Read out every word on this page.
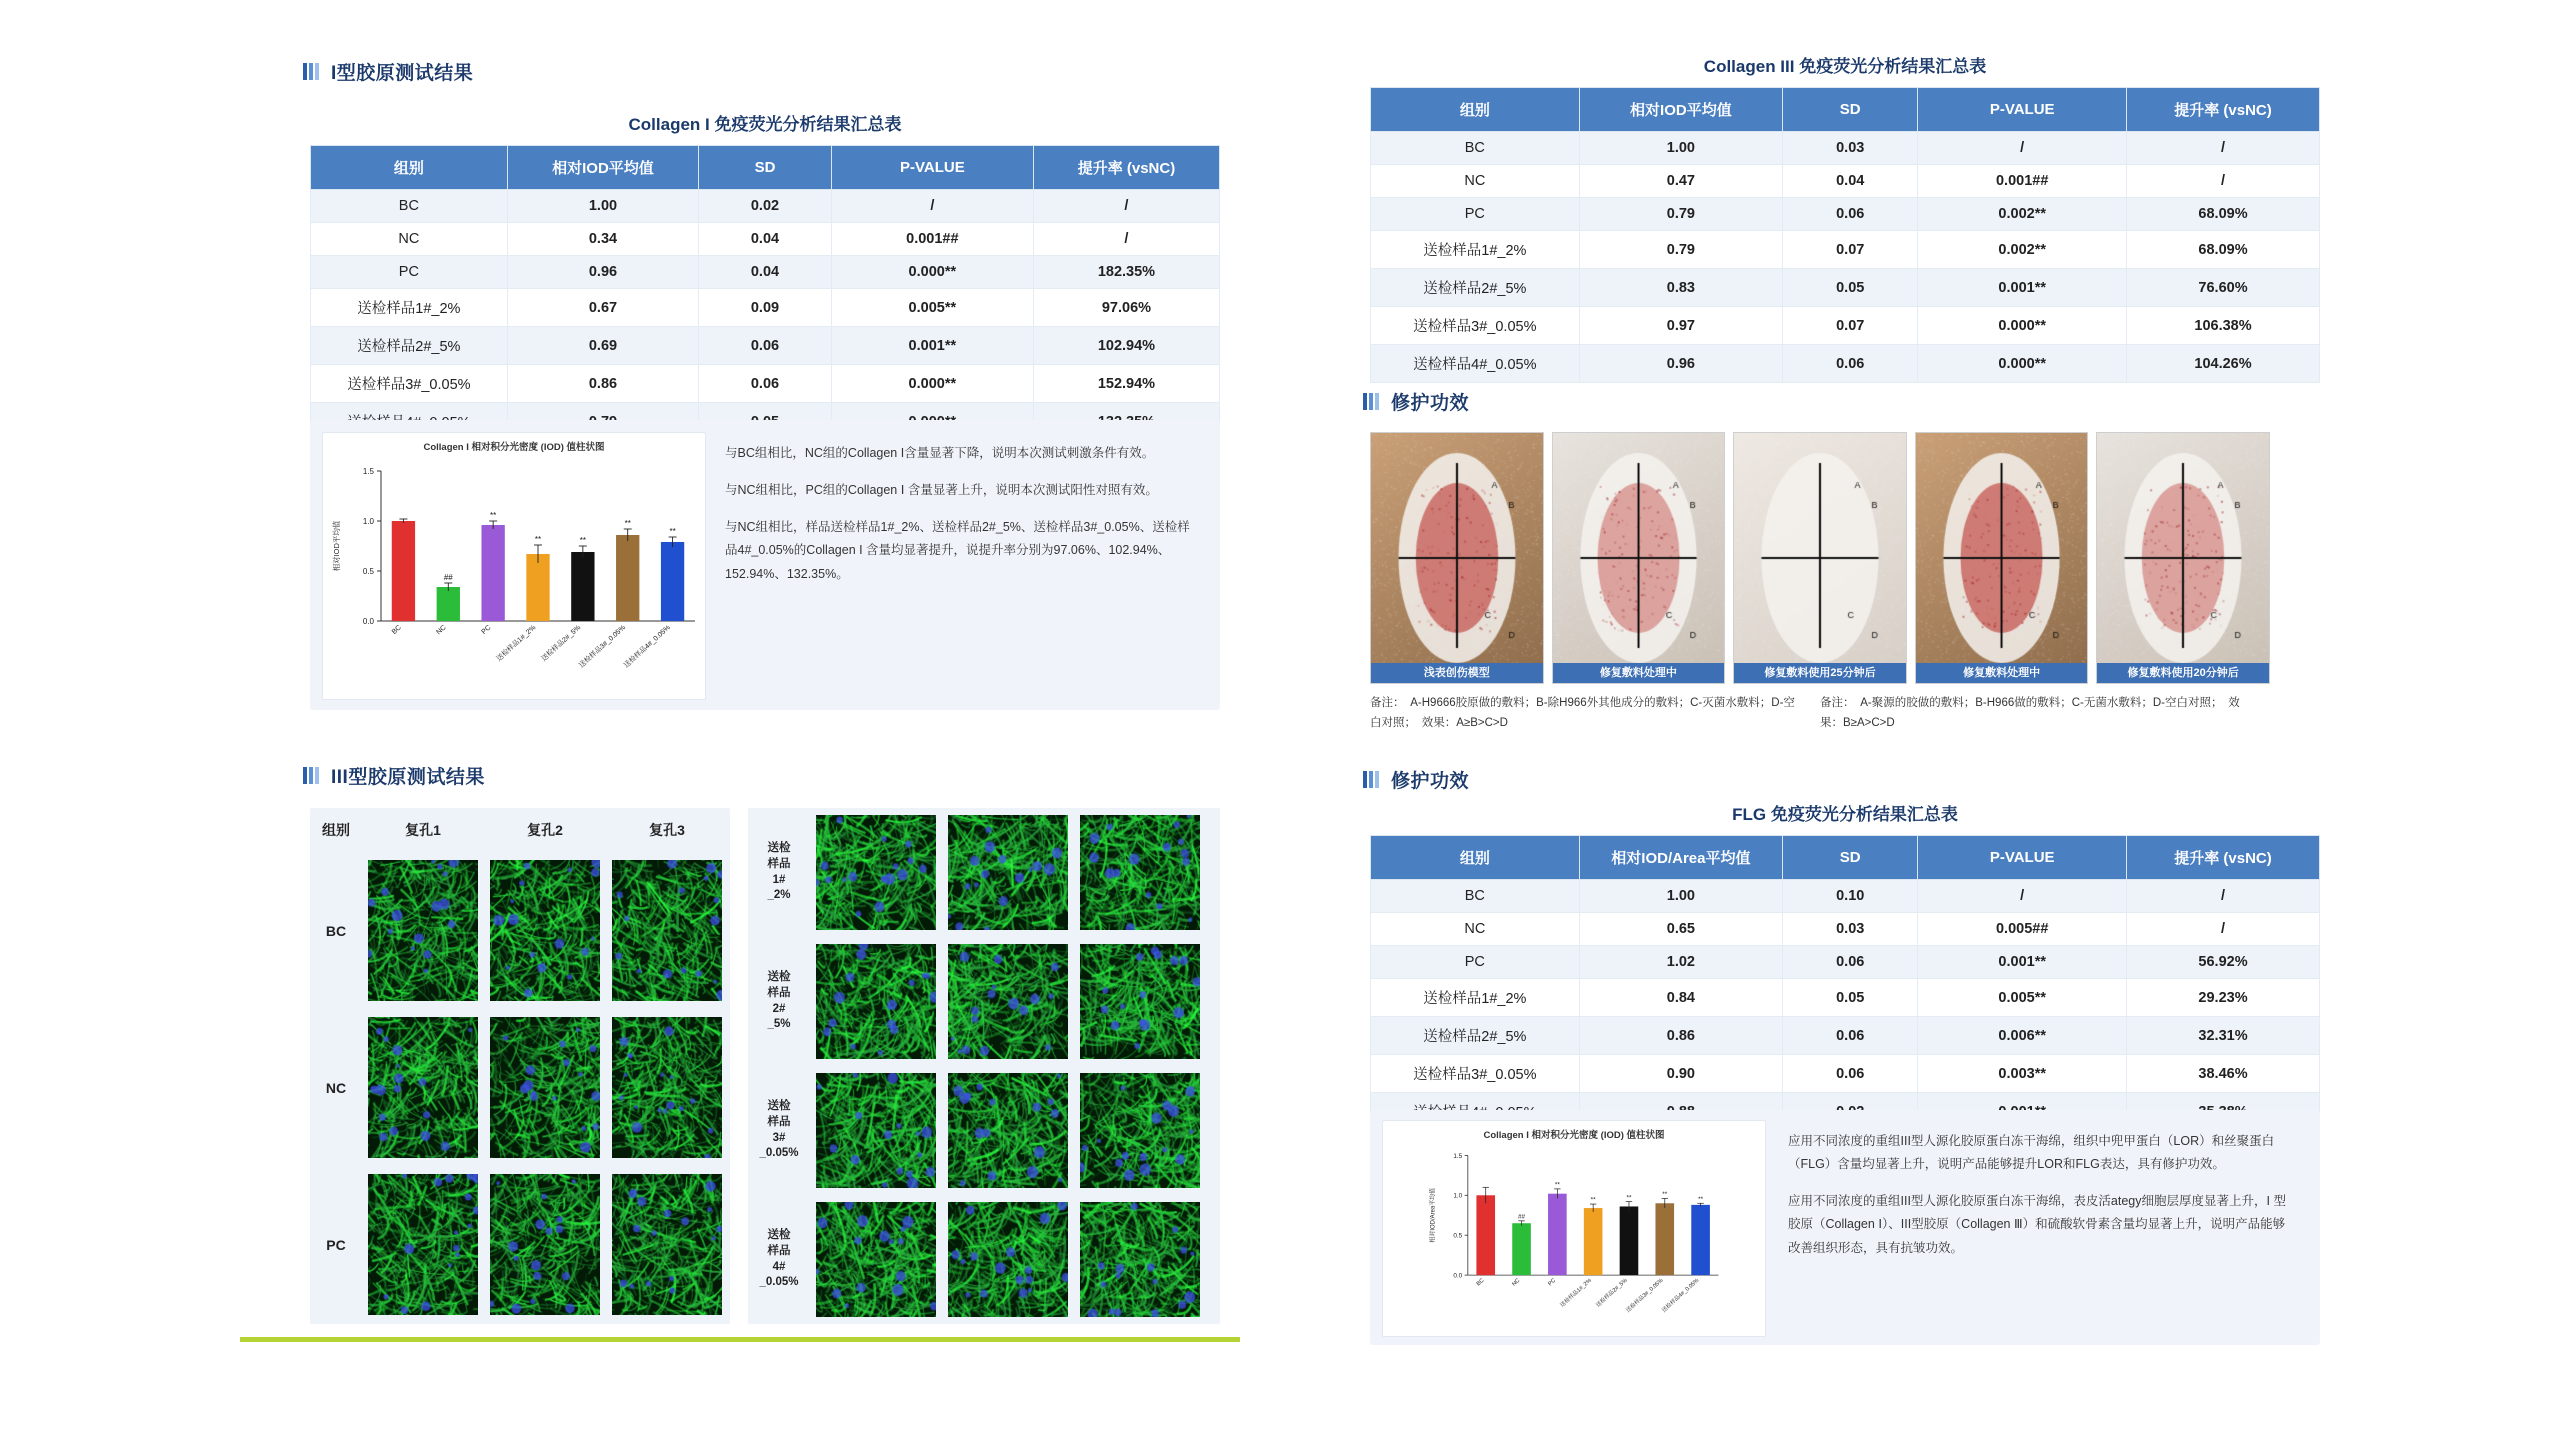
I型胶原测试结果
Collagen I 免疫荧光分析结果汇总表
组别	相对IOD平均值	SD	P-VALUE	提升率 (vsNC)
BC	1.00	0.02	/	/
NC	0.34	0.04	0.001##	/
PC	0.96	0.04	0.000**	182.35%
送检样品1#_2%	0.67	0.09	0.005**	97.06%
送检样品2#_5%	0.69	0.06	0.001**	102.94%
送检样品3#_0.05%	0.86	0.06	0.000**	152.94%

Collagen I 相对积分光密度 (IOD) 值柱状图
0.0
0.5
1.0
1.5
相对IOD平均值
BC
##
NC
**
PC
**
送检样品1#_2%
**
送检样品2#_5%
**
送检样品3#_0.05%
**
送检样品4#_0.05%

与BC组相比，NC组的Collagen I含量显著下降，说明本次测试刺激条件有效。

与NC组相比，PC组的Collagen Ⅰ 含量显著上升，说明本次测试阳性对照有效。

与NC组相比，样品送检样品1#_2%、送检样品2#_5%、送检样品3#_0.05%、送检样品4#_0.05%的Collagen I 含量均显著提升，说提升率分别为97.06%、102.94%、152.94%、132.35%。

III型胶原测试结果
组别	复孔1	复孔2	复孔3
BC
NC
PC
送检
样品
1#
_2%
送检
样品
2#
_5%
送检
样品
3#
_0.05%
送检
样品
4#
_0.05%
Collagen III 免疫荧光分析结果汇总表
组别	相对IOD平均值	SD	P-VALUE	提升率 (vsNC)
BC	1.00	0.03	/	/
NC	0.47	0.04	0.001##	/
PC	0.79	0.06	0.002**	68.09%
送检样品1#_2%	0.79	0.07	0.002**	68.09%
送检样品2#_5%	0.83	0.05	0.001**	76.60%
送检样品3#_0.05%	0.97	0.07	0.000**	106.38%
送检样品4#_0.05%	0.96	0.06	0.000**	104.26%
修护功效
浅表创伤模型	修复敷料处理中	修复敷料使用25分钟后	修复敷料处理中	修复敷料使用20分钟后
备注：　A-H9666胶原做的敷料；B-除H966外其他成分的敷料；C-灭菌水敷料；D-空白对照；　效果：A≥B>C>D
备注：　A-聚源的胶做的敷料；B-H966做的敷料；C-无菌水敷料；D-空白对照；　效果：B≥A>C>D
修护功效
FLG 免疫荧光分析结果汇总表
组别	相对IOD/Area平均值	SD	P-VALUE	提升率 (vsNC)
BC	1.00	0.10	/	/
NC	0.65	0.03	0.005##	/
PC	1.02	0.06	0.001**	56.92%
送检样品1#_2%	0.84	0.05	0.005**	29.23%
送检样品2#_5%	0.86	0.06	0.006**	32.31%
送检样品3#_0.05%	0.90	0.06	0.003**	38.46%

Collagen I 相对积分光密度 (IOD) 值柱状图
0.0
0.5
1.0
1.5
相对IOD/Area平均值
BC
##
NC
**
PC
**
送检样品1#_2%
**
送检样品2#_5%
**
送检样品3#_0.05%
**
送检样品4#_0.05%

应用不同浓度的重组III型人源化胶原蛋白冻干海绵，组织中兜甲蛋白（LOR）和丝聚蛋白（FLG）含量均显著上升，说明产品能够提升LOR和FLG表达，具有修护功效。

应用不同浓度的重组III型人源化胶原蛋白冻干海绵，表皮活ategy细胞层厚度显著上升，I 型胶原（Collagen Ⅰ）、III型胶原（Collagen Ⅲ）和硫酸软骨素含量均显著上升，说明产品能够改善组织形态，具有抗皱功效。
